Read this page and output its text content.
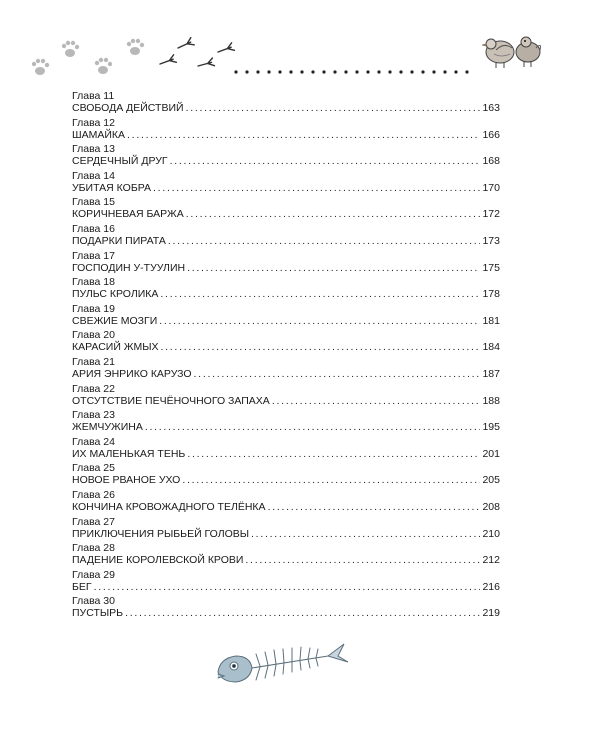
Глава 11
СВОБОДА ДЕЙСТВИЙ . . .	163
Глава 12
ШАМАЙКА . . .	166
Глава 13
СЕРДЕЧНЫЙ ДРУГ . . .	168
Глава 14
УБИТАЯ КОБРА . . .	170
Глава 15
КОРИЧНЕВАЯ БАРЖА . . .	172
Глава 16
ПОДАРКИ ПИРАТА . . .	173
Глава 17
ГОСПОДИН У-ТУУЛИН . . .	175
Глава 18
ПУЛЬС КРОЛИКА . . .	178
Глава 19
СВЕЖИЕ МОЗГИ . . .	181
Глава 20
КАРАСИЙ ЖМЫХ . . .	184
Глава 21
АРИЯ ЭНРИКО КАРУЗО . . .	187
Глава 22
ОТСУТСТВИЕ ПЕЧЁНОЧНОГО ЗАПАХА . . .	188
Глава 23
ЖЕМЧУЖИНА . . .	195
Глава 24
ИХ МАЛЕНЬКАЯ ТЕНЬ . . .	201
Глава 25
НОВОЕ РВАНОЕ УХО . . .	205
Глава 26
КОНЧИНА КРОВОЖАДНОГО ТЕЛЁНКА . . .	208
Глава 27
ПРИКЛЮЧЕНИЯ РЫБЬЕЙ ГОЛОВЫ . . .	210
Глава 28
ПАДЕНИЕ КОРОЛЕВСКОЙ КРОВИ . . .	212
Глава 29
БЕГ . . .	216
Глава 30
ПУСТЫРЬ . . .	219
